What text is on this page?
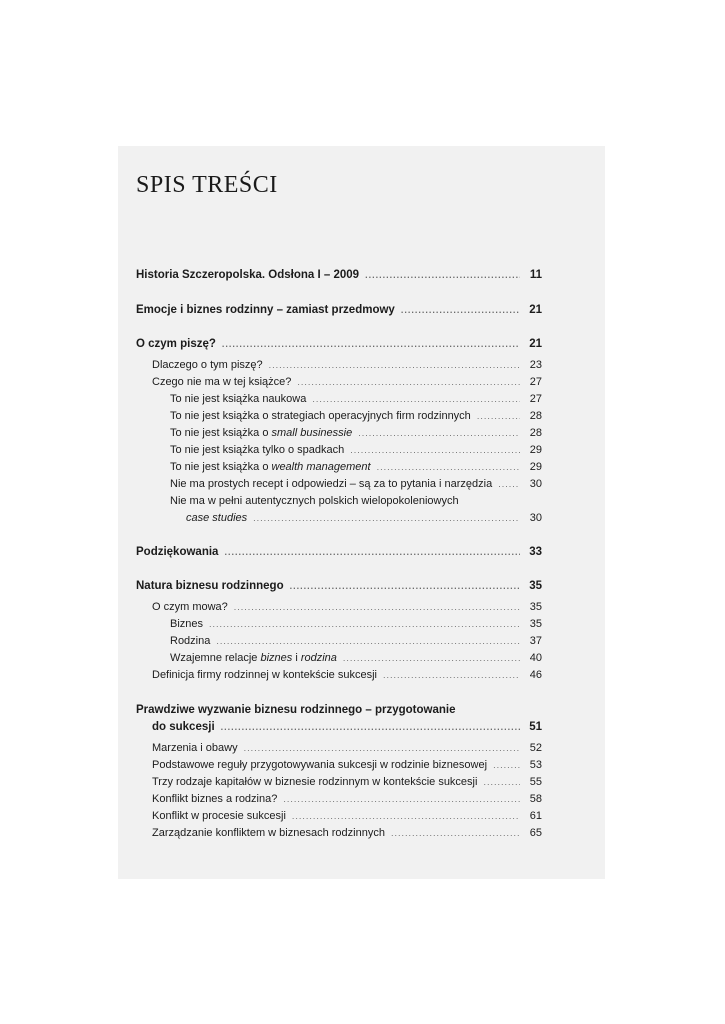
SPIS TREŚCI
Historia Szczeropolska. Odsłona I – 2009 .....	11
Emocje i biznes rodzinny – zamiast przedmowy .....	21
O czym piszę? .....	21
Dlaczego o tym piszę? .....	23
Czego nie ma w tej książce? .....	27
To nie jest książka naukowa .....	27
To nie jest książka o strategiach operacyjnych firm rodzinnych .....	28
To nie jest książka o small businessie .....	28
To nie jest książka tylko o spadkach .....	29
To nie jest książka o wealth management .....	29
Nie ma prostych recept i odpowiedzi – są za to pytania i narzędzia .....	30
Nie ma w pełni autentycznych polskich wielopokoleniowych
case studies .....	30
Podziękowania .....	33
Natura biznesu rodzinnego .....	35
O czym mowa? .....	35
Biznes .....	35
Rodzina .....	37
Wzajemne relacje biznes i rodzina .....	40
Definicja firmy rodzinnej w kontekście sukcesji .....	46
Prawdziwe wyzwanie biznesu rodzinnego – przygotowanie
do sukcesji .....	51
Marzenia i obawy .....	52
Podstawowe reguły przygotowywania sukcesji w rodzinie biznesowej .....	53
Trzy rodzaje kapitałów w biznesie rodzinnym w kontekście sukcesji .....	55
Konflikt biznes a rodzina? .....	58
Konflikt w procesie sukcesji .....	61
Zarządzanie konfliktem w biznesach rodzinnych .....	65
